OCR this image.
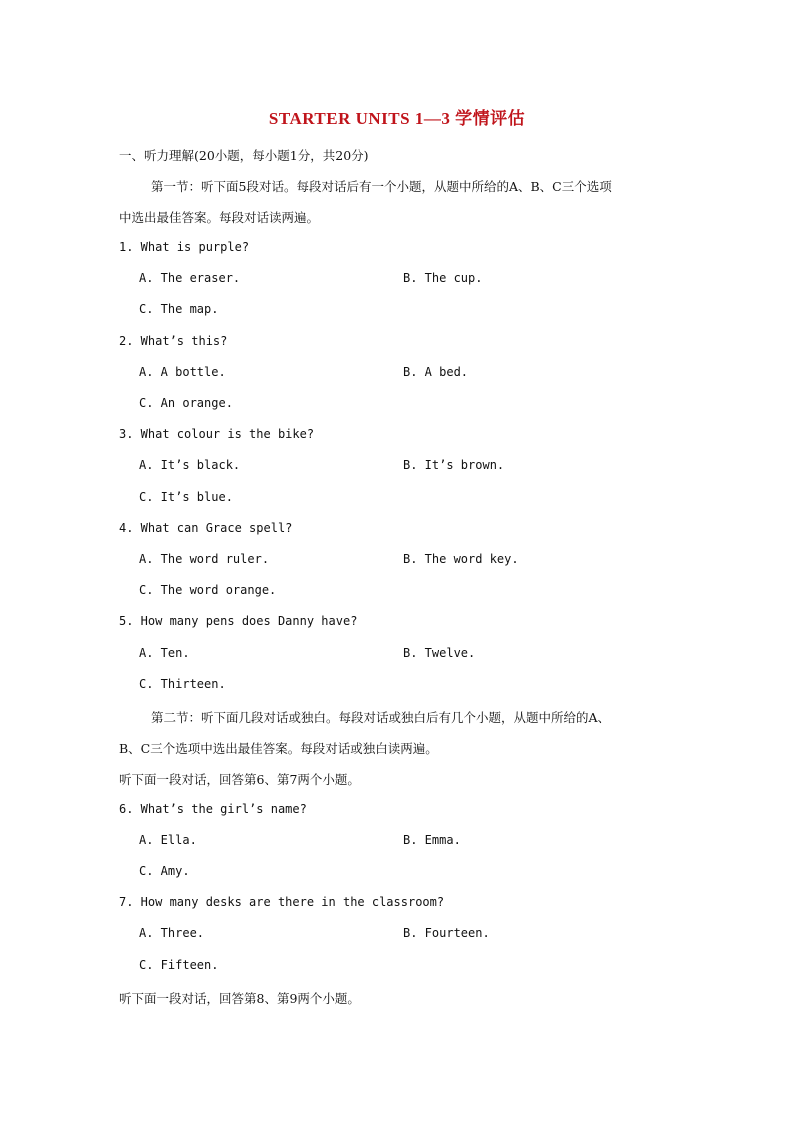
STARTER UNITS 1—3 学情评估
一、听力理解(20小题，每小题1分，共20分)
第一节：听下面5段对话。每段对话后有一个小题，从题中所给的A、B、C三个选项
中选出最佳答案。每段对话读两遍。
1. What is purple?
A. The eraser.	B. The cup.
C. The map.
2. What’s this?
A. A bottle.	B. A bed.
C. An orange.
3. What colour is the bike?
A. It’s black.	B. It’s brown.
C. It’s blue.
4. What can Grace spell?
A. The word ruler.	B. The word key.
C. The word orange.
5. How many pens does Danny have?
A. Ten.	B. Twelve.
C. Thirteen.
第二节：听下面几段对话或独白。每段对话或独白后有几个小题，从题中所给的A、
B、C三个选项中选出最佳答案。每段对话或独白读两遍。
听下面一段对话，回答第6、第7两个小题。
6. What’s the girl’s name?
A. Ella.	B. Emma.
C. Amy.
7. How many desks are there in the classroom?
A. Three.	B. Fourteen.
C. Fifteen.
听下面一段对话，回答第8、第9两个小题。
